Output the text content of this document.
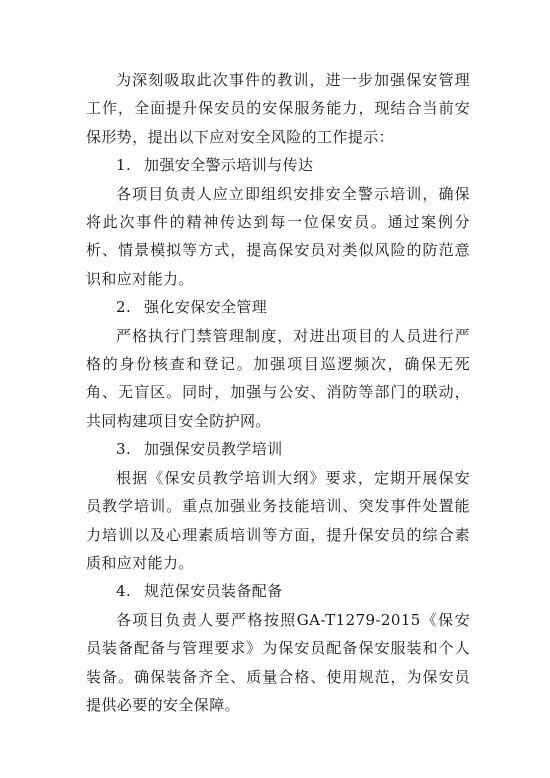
为深刻吸取此次事件的教训，进一步加强保安管理工作，全面提升保安员的安保服务能力，现结合当前安保形势，提出以下应对安全风险的工作提示：

1. 加强安全警示培训与传达

各项目负责人应立即组织安排安全警示培训，确保将此次事件的精神传达到每一位保安员。通过案例分析、情景模拟等方式，提高保安员对类似风险的防范意识和应对能力。

2. 强化安保安全管理

严格执行门禁管理制度，对进出项目的人员进行严格的身份核查和登记。加强项目巡逻频次，确保无死角、无盲区。同时，加强与公安、消防等部门的联动，共同构建项目安全防护网。

3. 加强保安员教学培训

根据《保安员教学培训大纲》要求，定期开展保安员教学培训。重点加强业务技能培训、突发事件处置能力培训以及心理素质培训等方面，提升保安员的综合素质和应对能力。

4. 规范保安员装备配备

各项目负责人要严格按照GA-T1279-2015《保安员装备配备与管理要求》为保安员配备保安服装和个人装备。确保装备齐全、质量合格、使用规范，为保安员提供必要的安全保障。
